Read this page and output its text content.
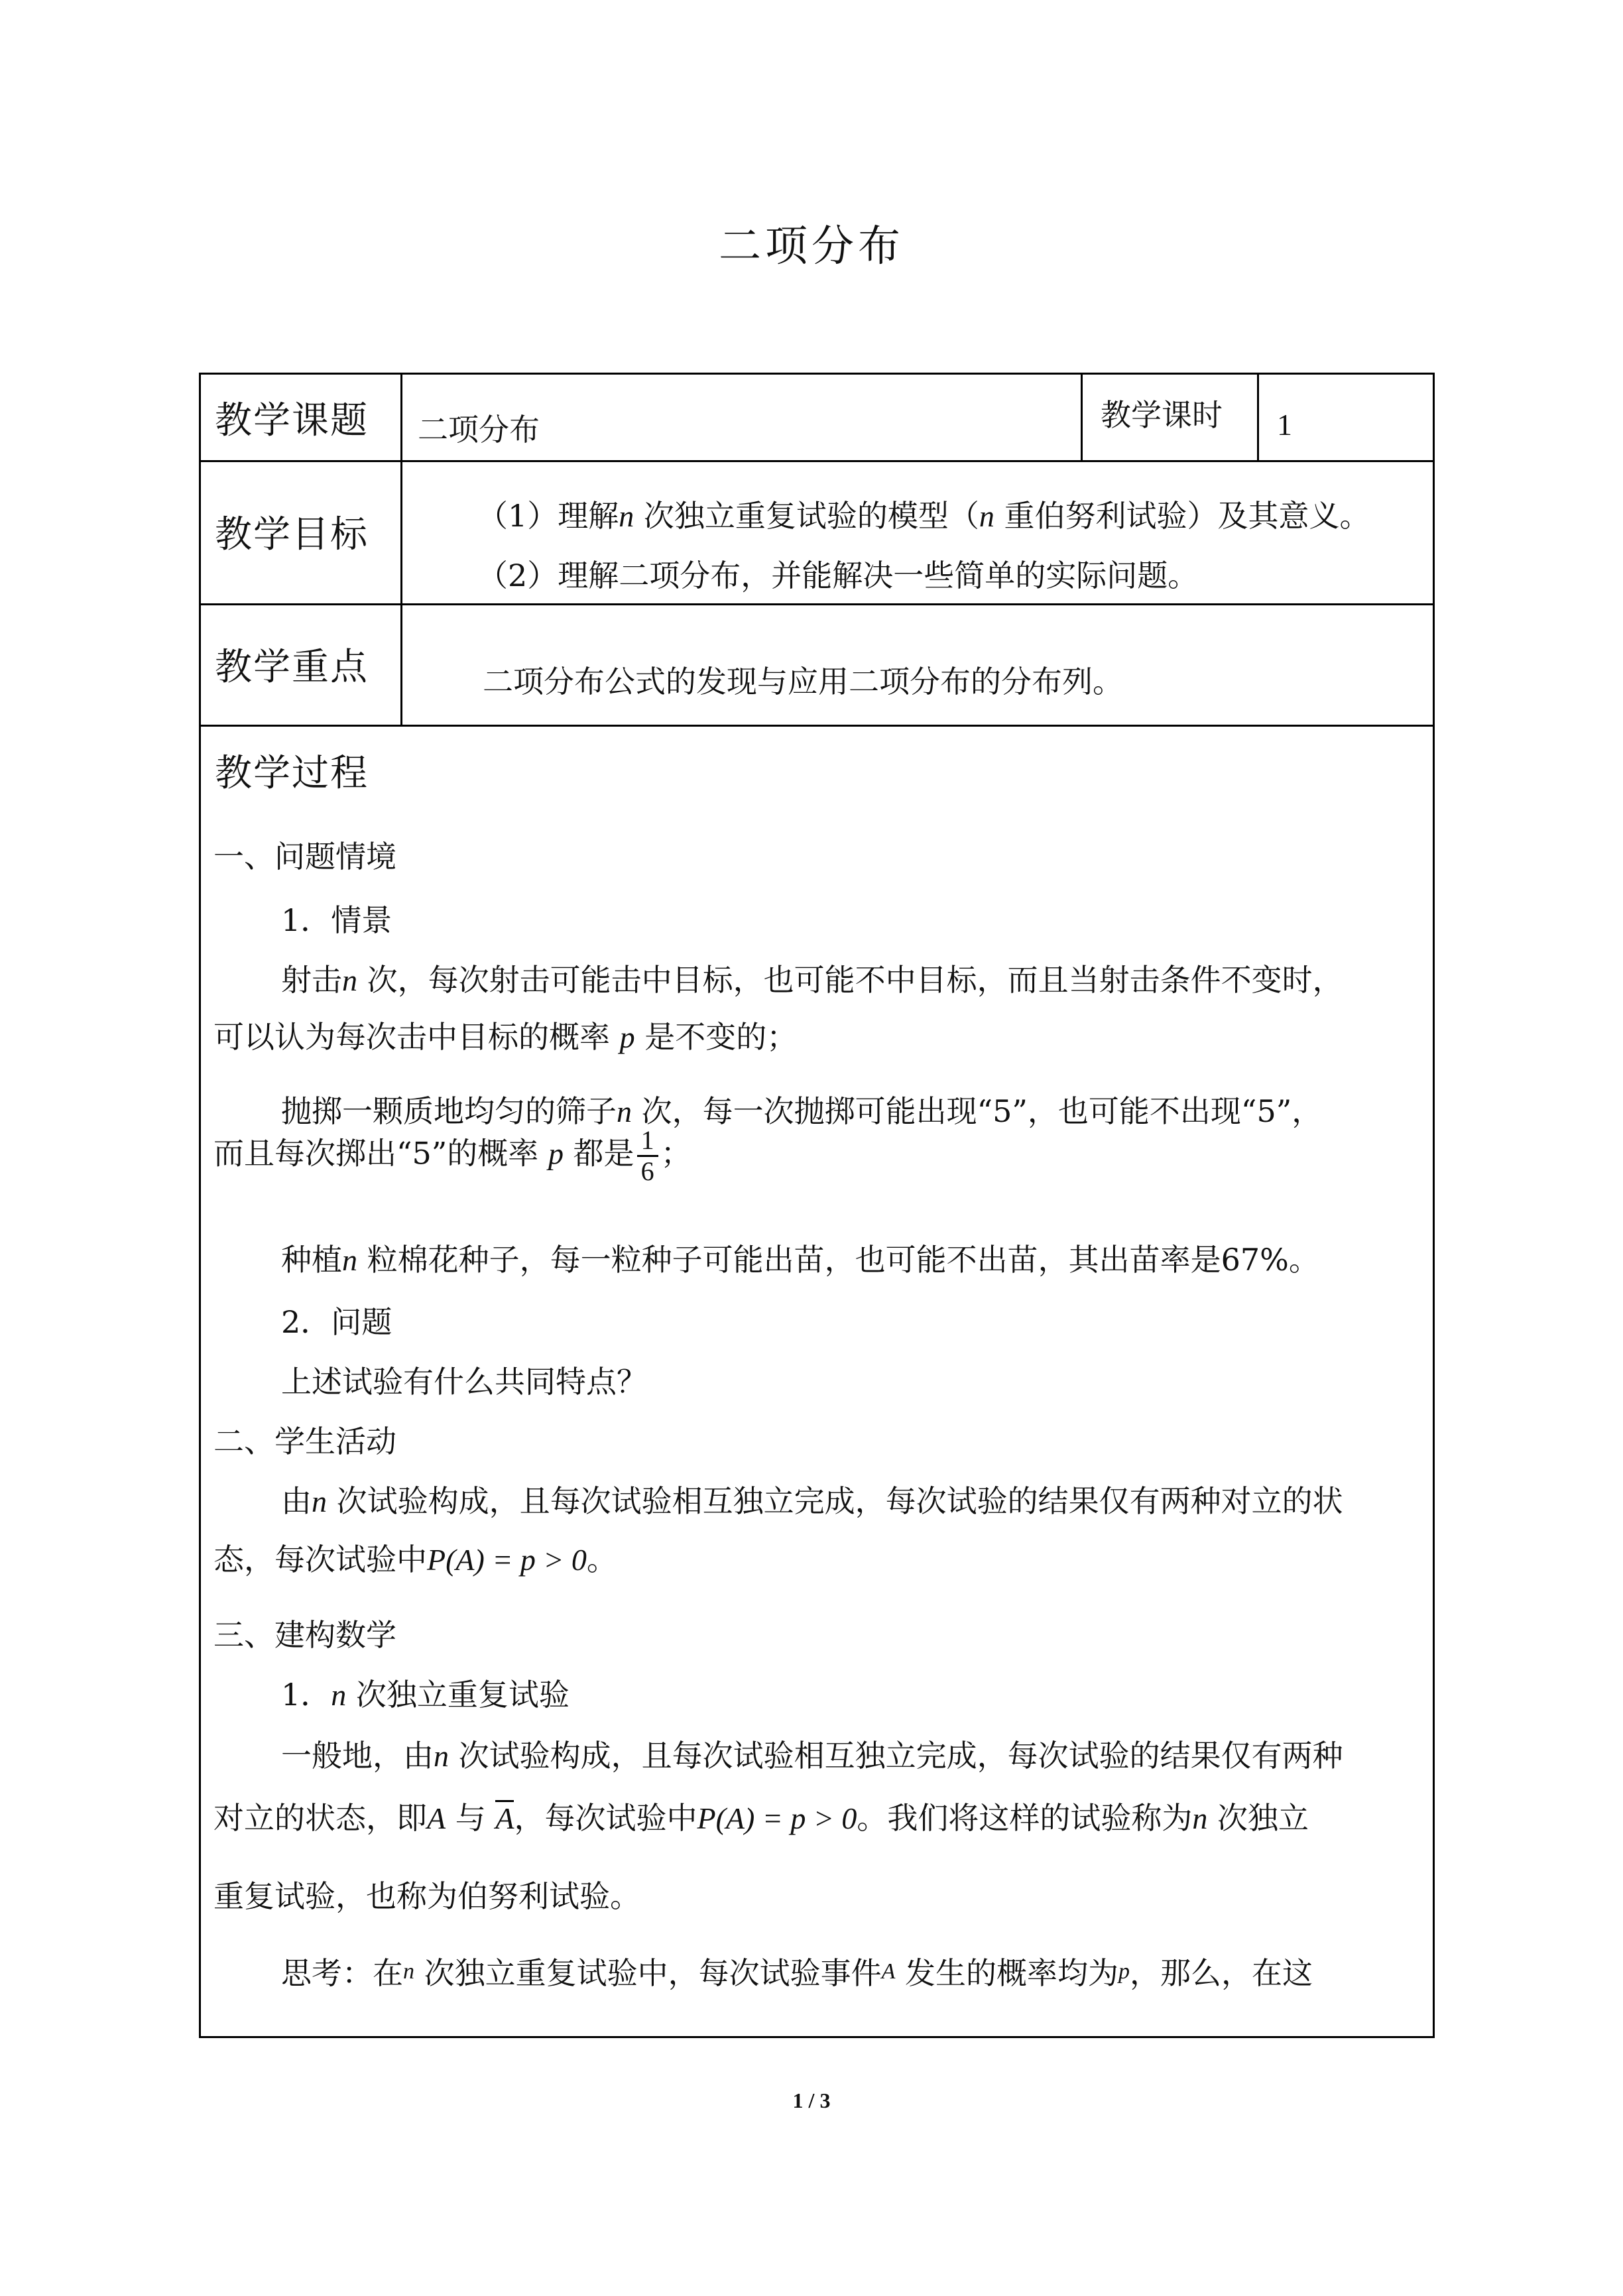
二项分布
教学课题 二项分布	教学课时 1
教学目标	（1）理解n 次独立重复试验的模型（n 重伯努利试验）及其意义。
（2）理解二项分布，并能解决一些简单的实际问题。
教学重点	二项分布公式的发现与应用二项分布的分布列。
教学过程
一、问题情境
1．情景
射击n 次，每次射击可能击中目标，也可能不中目标，而且当射击条件不变时，
可以认为每次击中目标的概率 p 是不变的；
抛掷一颗质地均匀的筛子n 次，每一次抛掷可能出现“5”，也可能不出现“5”，
而且每次掷出“5”的概率 p 都是 $\frac{1}{6}$ ；
种植n 粒棉花种子，每一粒种子可能出苗，也可能不出苗，其出苗率是67%。
2．问题
上述试验有什么共同特点？
二、学生活动
由n 次试验构成，且每次试验相互独立完成，每次试验的结果仅有两种对立的状
态，每次试验中P(A) = p > 0。
三、建构数学
1．n 次独立重复试验
一般地，由n 次试验构成，且每次试验相互独立完成，每次试验的结果仅有两种
对立的状态，即A 与 A，每次试验中P(A) = p > 0。我们将这样的试验称为n 次独立
重复试验，也称为伯努利试验。
思考：在n 次独立重复试验中，每次试验事件A 发生的概率均为p，那么，在这
1 / 3
